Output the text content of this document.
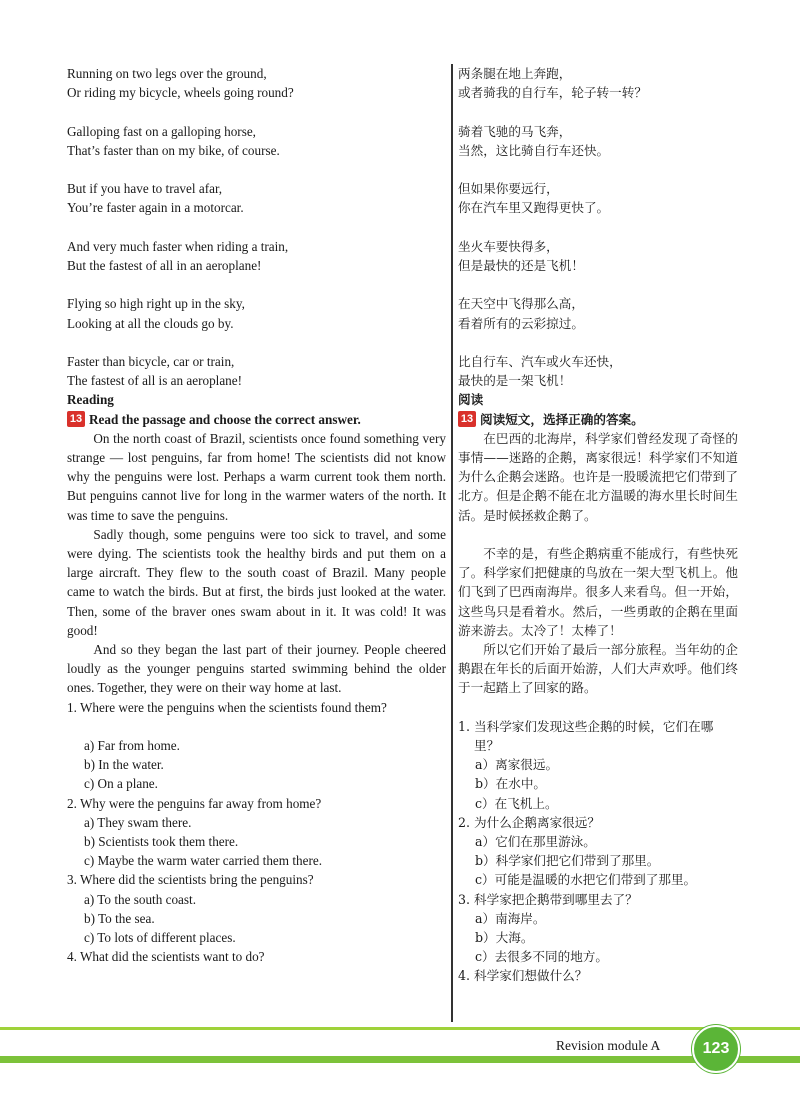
Running on two legs over the ground,
Or riding my bicycle, wheels going round?
Galloping fast on a galloping horse,
That’s faster than on my bike, of course.
But if you have to travel afar,
You’re faster again in a motorcar.
And very much faster when riding a train,
But the fastest of all in an aeroplane!
Flying so high right up in the sky,
Looking at all the clouds go by.
Faster than bicycle, car or train,
The fastest of all is an aeroplane!
Reading
13 Read the passage and choose the correct answer.

On the north coast of Brazil, scientists once found something very strange — lost penguins, far from home! The scientists did not know why the penguins were lost. Perhaps a warm current took them north. But penguins cannot live for long in the warmer waters of the north. It was time to save the penguins.

Sadly though, some penguins were too sick to travel, and some were dying. The scientists took the healthy birds and put them on a large aircraft. They flew to the south coast of Brazil. Many people came to watch the birds. But at first, the birds just looked at the water. Then, some of the braver ones swam about in it. It was cold! It was good!

And so they began the last part of their journey. People cheered loudly as the younger penguins started swimming behind the older ones. Together, they were on their way home at last.

1. Where were the penguins when the scientists found them?

a) Far from home.

b) In the water.

c) On a plane.

2. Why were the penguins far away from home?

a) They swam there.

b) Scientists took them there.

c) Maybe the warm water carried them there.

3. Where did the scientists bring the penguins?

a) To the south coast.

b) To the sea.

c) To lots of different places.

4. What did the scientists want to do?

两条腿在地上奔跑，
或者骑我的自行车，轮子转一转？
骑着飞驰的马飞奔，
当然，这比骑自行车还快。
但如果你要远行，
你在汽车里又跑得更快了。
坐火车要快得多，
但是最快的还是飞机！
在天空中飞得那么高，
看着所有的云彩掠过。
比自行车、汽车或火车还快，
最快的是一架飞机！
阅读
13 阅读短文，选择正确的答案。

在巴西的北海岸，科学家们曾经发现了奇怪的事情——迷路的企鹅，离家很远！科学家们不知道为什么企鹅会迷路。也许是一股暖流把它们带到了北方。但是企鹅不能在北方温暖的海水里长时间生活。是时候拯救企鹅了。

不幸的是，有些企鹅病重不能成行，有些快死了。科学家们把健康的鸟放在一架大型飞机上。他们飞到了巴西南海岸。很多人来看鸟。但一开始，这些鸟只是看着水。然后，一些勇敢的企鹅在里面游来游去。太冷了！太棒了！

所以它们开始了最后一部分旅程。当年幼的企鹅跟在年长的后面开始游，人们大声欢呼。他们终于一起踏上了回家的路。

1. 当科学家们发现这些企鹅的时候，它们在哪里？

a）离家很远。

b）在水中。

c）在飞机上。

2. 为什么企鹅离家很远？

a）它们在那里游泳。

b）科学家们把它们带到了那里。

c）可能是温暖的水把它们带到了那里。

3. 科学家把企鹅带到哪里去了？

a）南海岸。

b）大海。

c）去很多不同的地方。

4. 科学家们想做什么？

Revision module A	123
